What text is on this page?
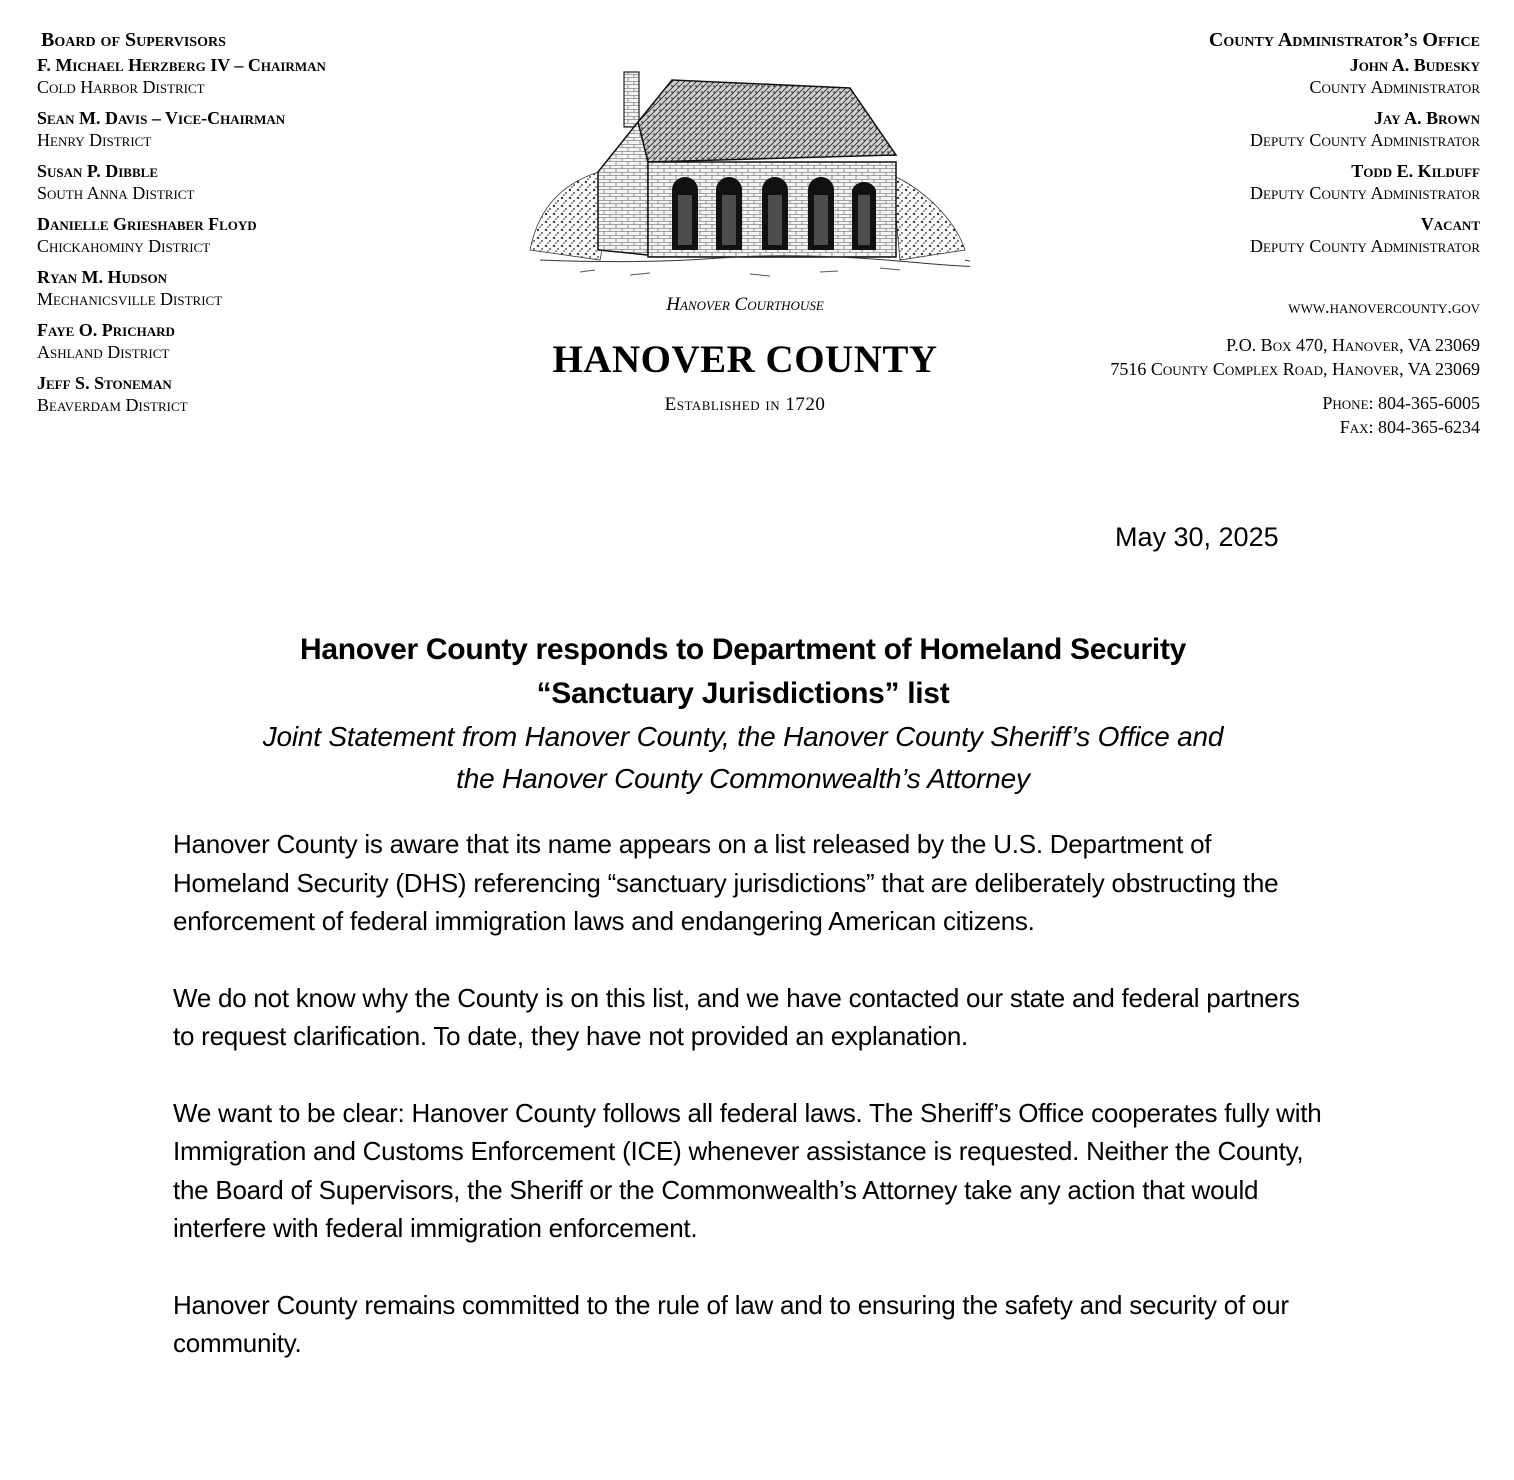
Board of Supervisors
F. Michael Herzberg IV – Chairman
Cold Harbor District
Sean M. Davis – Vice-Chairman
Henry District
Susan P. Dibble
South Anna District
Danielle Grieshaber Floyd
Chickahominy District
Ryan M. Hudson
Mechanicsville District
Faye O. Prichard
Ashland District
Jeff S. Stoneman
Beaverdam District
Hanover Courthouse
HANOVER COUNTY
Established in 1720
County Administrator’s Office
John A. Budesky
County Administrator
Jay A. Brown
Deputy County Administrator
Todd E. Kilduff
Deputy County Administrator
Vacant
Deputy County Administrator
www.hanovercounty.gov
P.O. Box 470, Hanover, VA 23069
7516 County Complex Road, Hanover, VA 23069
Phone: 804-365-6005
Fax: 804-365-6234
May 30, 2025
Hanover County responds to Department of Homeland Security
“Sanctuary Jurisdictions” list
Joint Statement from Hanover County, the Hanover County Sheriff’s Office and
the Hanover County Commonwealth’s Attorney

Hanover County is aware that its name appears on a list released by the U.S. Department of Homeland Security (DHS) referencing “sanctuary jurisdictions” that are deliberately obstructing the enforcement of federal immigration laws and endangering American citizens.

We do not know why the County is on this list, and we have contacted our state and federal partners to request clarification. To date, they have not provided an explanation.

We want to be clear: Hanover County follows all federal laws. The Sheriff’s Office cooperates fully with Immigration and Customs Enforcement (ICE) whenever assistance is requested. Neither the County, the Board of Supervisors, the Sheriff or the Commonwealth’s Attorney take any action that would interfere with federal immigration enforcement.

Hanover County remains committed to the rule of law and to ensuring the safety and security of our community.
